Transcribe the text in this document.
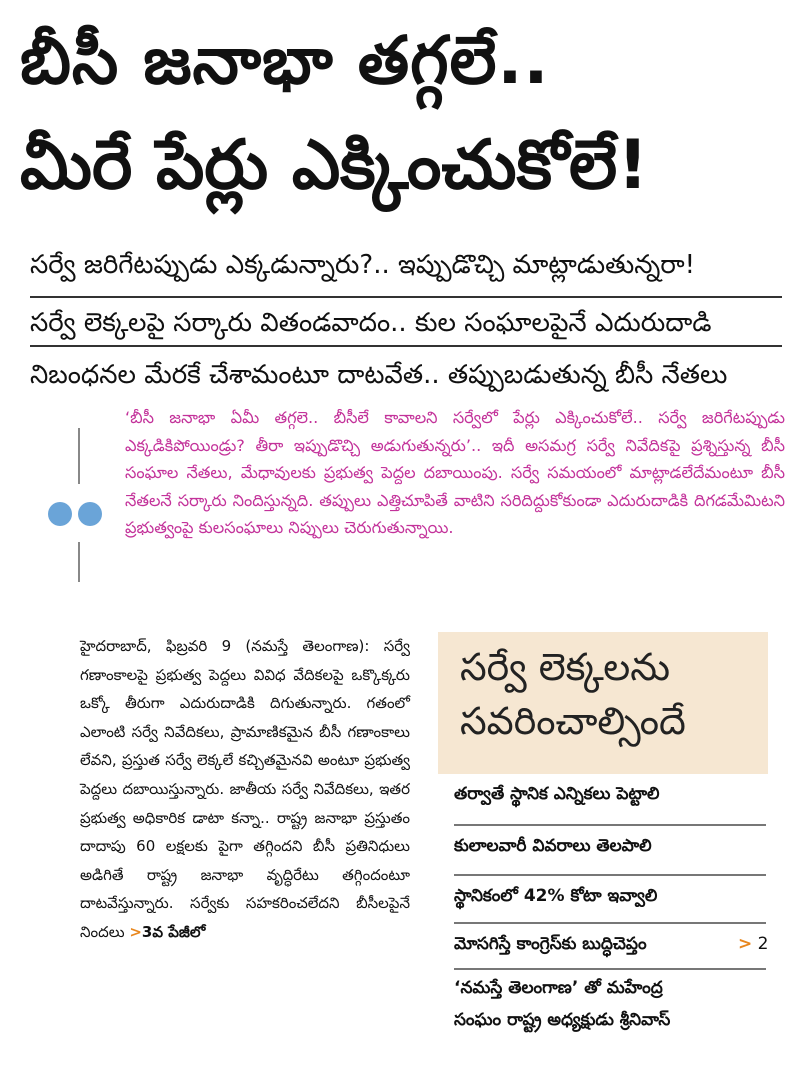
బీసీ జనాభా తగ్గలే..
మీరే పేర్లు ఎక్కించుకోలే!
సర్వే జరిగేటప్పుడు ఎక్కడున్నారు?.. ఇప్పుడొచ్చి మాట్లాడుతున్నరా!
సర్వే లెక్కలపై సర్కారు వితండవాదం.. కుల సంఘాలపైనే ఎదురుదాడి
నిబంధనల మేరకే చేశామంటూ దాటవేత.. తప్పుబడుతున్న బీసీ నేతలు
‘బీసీ జనాభా ఏమీ తగ్గలె.. బీసీలే కావాలని సర్వేలో పేర్లు ఎక్కించుకోలే.. సర్వే జరిగేటప్పుడు ఎక్కడికిపోయిండ్రు? తీరా ఇప్పుడొచ్చి అడుగుతున్నరు’.. ఇదీ అసమగ్ర సర్వే నివేదికపై ప్రశ్నిస్తున్న బీసీ సంఘాల నేతలు, మేధావులకు ప్రభుత్వ పెద్దల దబాయింపు. సర్వే సమయంలో మాట్లాడలేదేమంటూ బీసీ నేతలనే సర్కారు నిందిస్తున్నది. తప్పులు ఎత్తిచూపితే వాటిని సరిదిద్దుకోకుండా ఎదురుదాడికి దిగడమేమిటని ప్రభుత్వంపై కులసంఘాలు నిప్పులు చెరుగుతున్నాయి.
హైదరాబాద్, ఫిబ్రవరి 9 (నమస్తే తెలంగాణ): సర్వే గణాంకాలపై ప్రభుత్వ పెద్దలు వివిధ వేదికలపై ఒక్కొక్కరు ఒక్కో తీరుగా ఎదురుదాడికి దిగుతున్నారు. గతంలో ఎలాంటి సర్వే నివేదికలు, ప్రామాణికమైన బీసీ గణాంకాలు లేవని, ప్రస్తుత సర్వే లెక్కలే కచ్చితమైనవి అంటూ ప్రభుత్వ పెద్దలు దబాయిస్తున్నారు. జాతీయ సర్వే నివేదికలు, ఇతర ప్రభుత్వ అధికారిక డాటా కన్నా.. రాష్ట్ర జనాభా ప్రస్తుతం దాదాపు 60 లక్షలకు పైగా తగ్గిందని బీసీ ప్రతినిధులు అడిగితే రాష్ట్ర జనాభా వృద్ధిరేటు తగ్గిందంటూ దాటవేస్తున్నారు. సర్వేకు సహకరించలేదని బీసీలపైనే నిందలు >3వ పేజీలో
సర్వే లెక్కలను
సవరించాల్సిందే
తర్వాతే స్థానిక ఎన్నికలు పెట్టాలి
కులాలవారీ వివరాలు తెలపాలి
స్థానికంలో 42% కోటా ఇవ్వాలి
మోసగిస్తే కాంగ్రెస్‌కు బుద్ధిచెప్తం	> 2
‘నమస్తే తెలంగాణ’ తో మహేంద్ర
సంఘం రాష్ట్ర అధ్యక్షుడు శ్రీనివాస్
